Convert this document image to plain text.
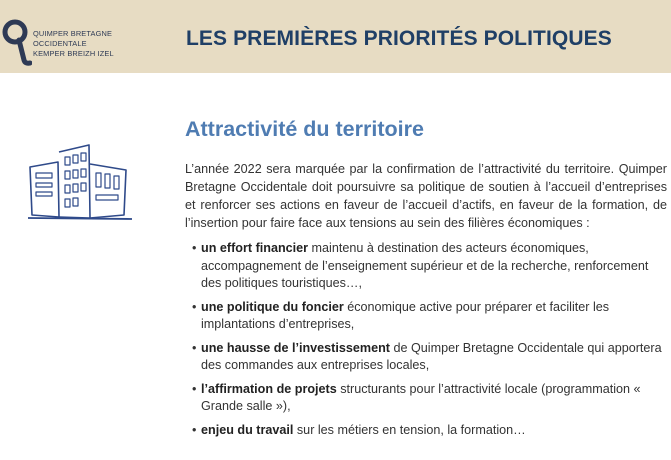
QUIMPER BRETAGNE
OCCIDENTALE
KEMPER BREIZH IZEL
LES PREMIÈRES PRIORITÉS POLITIQUES
Attractivité du territoire

L’année 2022 sera marquée par la confirmation de l’attractivité du territoire. Quimper Bretagne Occidentale doit poursuivre sa politique de soutien à l’accueil d’entreprises et renforcer ses actions en faveur de l’accueil d’actifs, en faveur de la formation, de l’insertion pour faire face aux tensions au sein des filières économiques :

• un effort financier maintenu à destination des acteurs économiques, accompagnement de l’enseignement supérieur et de la recherche, renforcement des politiques touristiques…,
• une politique du foncier économique active pour préparer et faciliter les implantations d’entreprises,
• une hausse de l’investissement de Quimper Bretagne Occidentale qui apportera des commandes aux entreprises locales,
• l’affirmation de projets structurants pour l’attractivité locale (programmation « Grande salle »),
• enjeu du travail sur les métiers en tension, la formation…
